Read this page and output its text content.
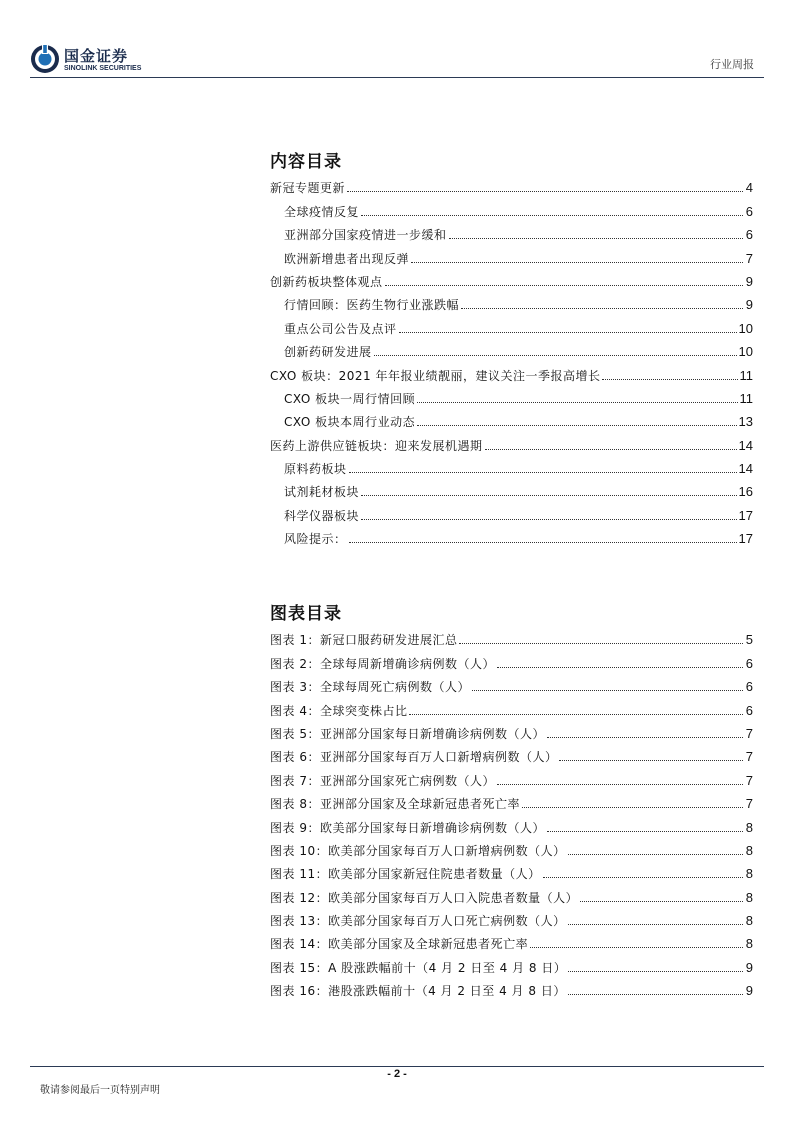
国金证券
SINOLINK SECURITIES	行业周报
内容目录
新冠专题更新	4
全球疫情反复	6
亚洲部分国家疫情进一步缓和	6
欧洲新增患者出现反弹	7
创新药板块整体观点	9
行情回顾：医药生物行业涨跌幅	9
重点公司公告及点评	10
创新药研发进展	10
CXO 板块：2021 年年报业绩靓丽，建议关注一季报高增长	11
CXO 板块一周行情回顾	11
CXO 板块本周行业动态	13
医药上游供应链板块：迎来发展机遇期	14
原料药板块	14
试剂耗材板块	16
科学仪器板块	17
风险提示：	17
图表目录
图表 1：新冠口服药研发进展汇总	5
图表 2：全球每周新增确诊病例数（人）	6
图表 3：全球每周死亡病例数（人）	6
图表 4：全球突变株占比	6
图表 5：亚洲部分国家每日新增确诊病例数（人）	7
图表 6：亚洲部分国家每百万人口新增病例数（人）	7
图表 7：亚洲部分国家死亡病例数（人）	7
图表 8：亚洲部分国家及全球新冠患者死亡率	7
图表 9：欧美部分国家每日新增确诊病例数（人）	8
图表 10：欧美部分国家每百万人口新增病例数（人）	8
图表 11：欧美部分国家新冠住院患者数量（人）	8
图表 12：欧美部分国家每百万人口入院患者数量（人）	8
图表 13：欧美部分国家每百万人口死亡病例数（人）	8
图表 14：欧美部分国家及全球新冠患者死亡率	8
图表 15：A 股涨跌幅前十（4 月 2 日至 4 月 8 日）	9
图表 16：港股涨跌幅前十（4 月 2 日至 4 月 8 日）	9
- 2 -
敬请参阅最后一页特别声明
